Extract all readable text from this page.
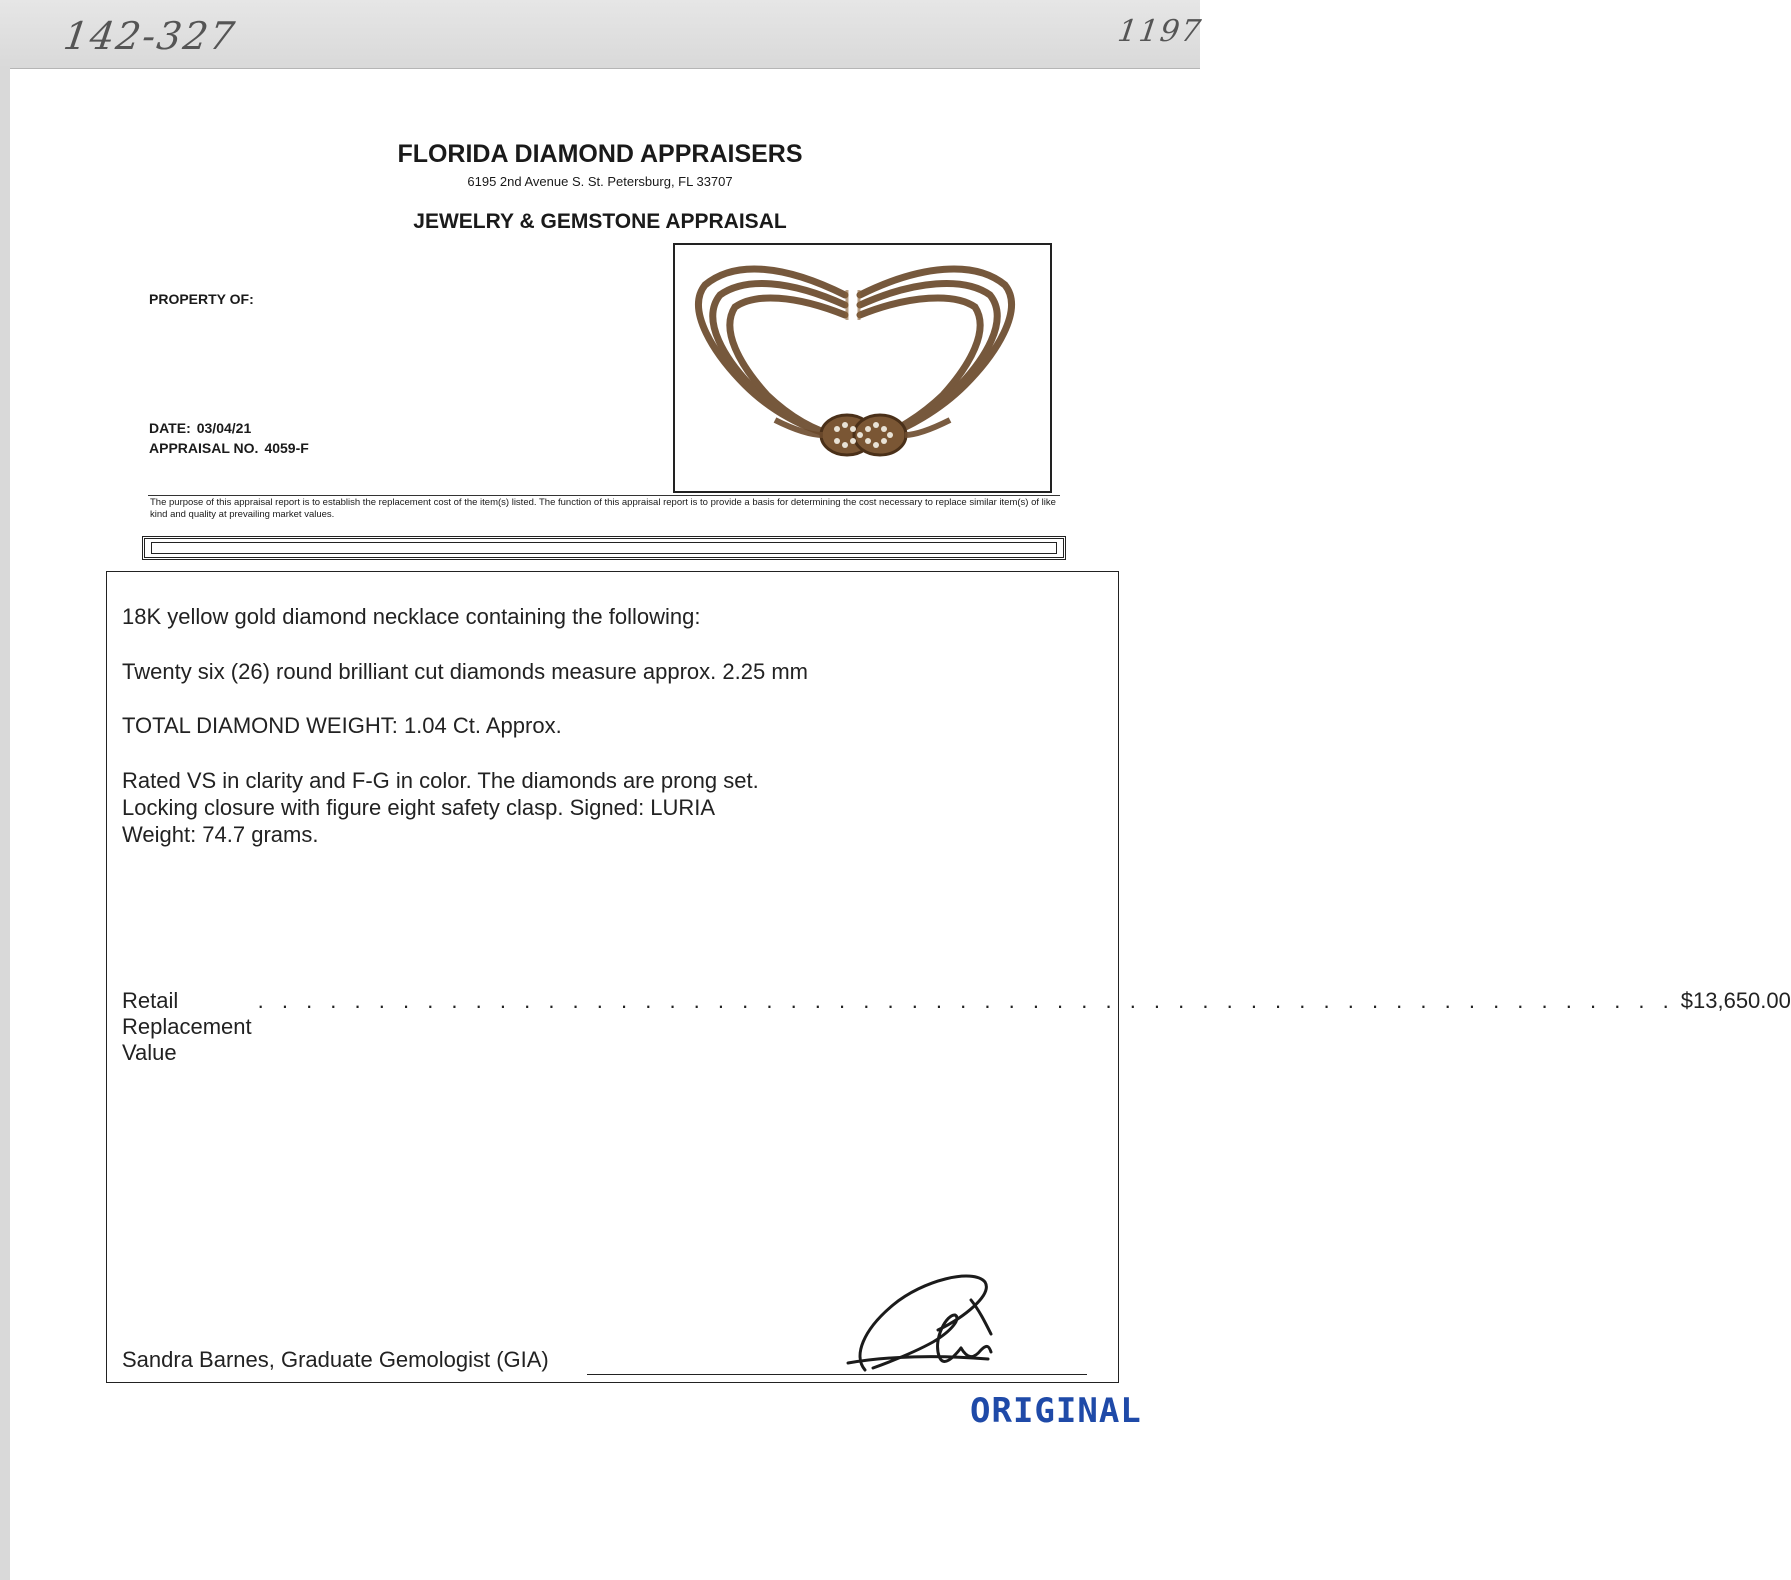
142-327	1197
FLORIDA DIAMOND APPRAISERS
6195 2nd Avenue S. St. Petersburg, FL 33707
JEWELRY & GEMSTONE APPRAISAL
PROPERTY OF:
DATE: 03/04/21
APPRAISAL NO. 4059-F
The purpose of this appraisal report is to establish the replacement cost of the item(s) listed. The function of this appraisal report is to provide a basis for determining the cost necessary to replace similar item(s) of like kind and quality at prevailing market values.
18K yellow gold diamond necklace containing the following:
Twenty six (26) round brilliant cut diamonds measure approx. 2.25 mm
TOTAL DIAMOND WEIGHT: 1.04 Ct. Approx.
Rated VS in clarity and F-G in color. The diamonds are prong set.
Locking closure with figure eight safety clasp. Signed: LURIA
Weight: 74.7 grams.
Retail Replacement Value
. . . . . . . . . . . . . . . . . . . . . . . . . . . . . . . . . . . . . . . . . . . . . . . . . . . . . . . . . . . $13,650.00
Sandra Barnes, Graduate Gemologist (GIA)
ORIGINAL
